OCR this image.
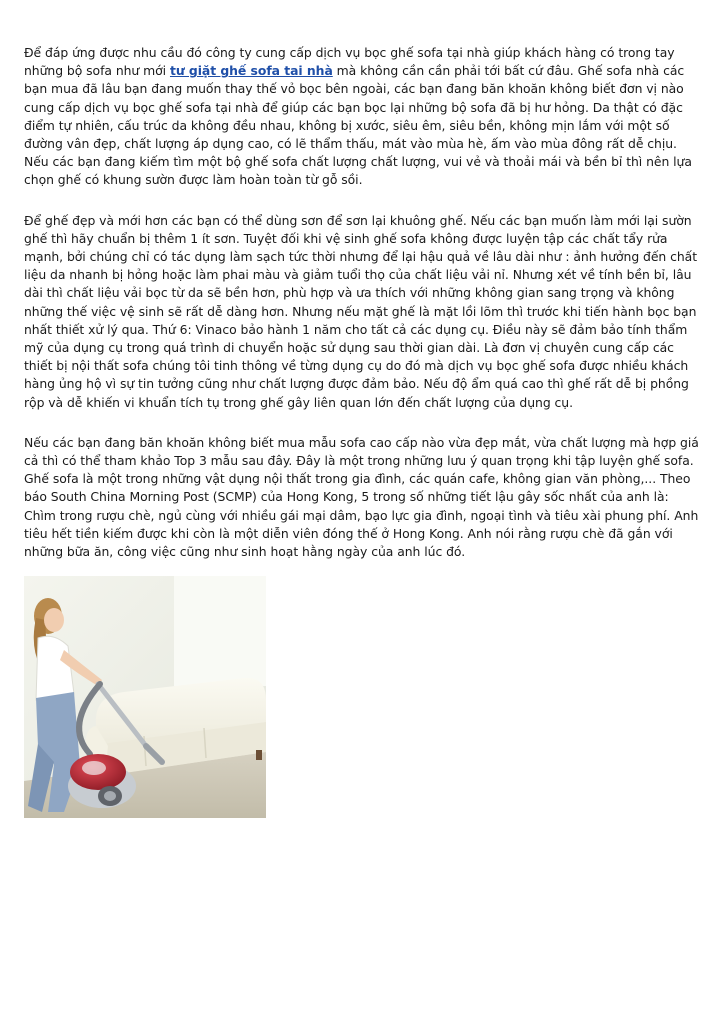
Để đáp ứng được nhu cầu đó công ty cung cấp dịch vụ bọc ghế sofa tại nhà giúp khách hàng có trong tay những bộ sofa như mới tư giặt ghế sofa tai nhà mà không cần cần phải tới bất cứ đâu. Ghế sofa nhà các bạn mua đã lâu bạn đang muốn thay thế vỏ bọc bên ngoài, các bạn đang băn khoăn không biết đơn vị nào cung cấp dịch vụ bọc ghế sofa tại nhà để giúp các bạn bọc lại những bộ sofa đã bị hư hỏng. Da thật có đặc điểm tự nhiên, cấu trúc da không đều nhau, không bị xước, siêu êm, siêu bền, không mịn lắm với một số đường vân đẹp, chất lượng áp dụng cao, có lẽ thẩm thấu, mát vào mùa hè, ấm vào mùa đông rất dễ chịu. Nếu các bạn đang kiếm tìm một bộ ghế sofa chất lượng chất lượng, vui vẻ và thoải mái và bền bỉ thì nên lựa chọn ghế có khung sườn được làm hoàn toàn từ gỗ sồi.

Để ghế đẹp và mới hơn các bạn có thể dùng sơn để sơn lại khuông ghế. Nếu các bạn muốn làm mới lại sườn ghế thì hãy chuẩn bị thêm 1 ít sơn. Tuyệt đối khi vệ sinh ghế sofa không được luyện tập các chất tẩy rửa mạnh, bởi chúng chỉ có tác dụng làm sạch tức thời nhưng để lại hậu quả về lâu dài như : ảnh hưởng đến chất liệu da nhanh bị hỏng hoặc làm phai màu và giảm tuổi thọ của chất liệu vải nỉ. Nhưng xét về tính bền bỉ, lâu dài thì chất liệu vải bọc từ da sẽ bền hơn, phù hợp và ưa thích với những không gian sang trọng và không những thế việc vệ sinh sẽ rất dễ dàng hơn. Nhưng nếu mặt ghế là mặt lồi lõm thì trước khi tiến hành bọc bạn nhất thiết xử lý qua. Thứ 6: Vinaco bảo hành 1 năm cho tất cả các dụng cụ. Điều này sẽ đảm bảo tính thẩm mỹ của dụng cụ trong quá trình di chuyển hoặc sử dụng sau thời gian dài. Là đơn vị chuyên cung cấp các thiết bị nội thất sofa chúng tôi tinh thông về từng dụng cụ do đó mà dịch vụ bọc ghế sofa được nhiều khách hàng ủng hộ vì sự tin tưởng cũng như chất lượng được đảm bảo. Nếu độ ẩm quá cao thì ghế rất dễ bị phồng rộp và dễ khiến vi khuẩn tích tụ trong ghế gây liên quan lớn đến chất lượng của dụng cụ.

Nếu các bạn đang băn khoăn không biết mua mẫu sofa cao cấp nào vừa đẹp mắt, vừa chất lượng mà hợp giá cả thì có thể tham khảo Top 3 mẫu sau đây. Đây là một trong những lưu ý quan trọng khi tập luyện ghế sofa. Ghế sofa là một trong những vật dụng nội thất trong gia đình, các quán cafe, không gian văn phòng,... Theo báo South China Morning Post (SCMP) của Hong Kong, 5 trong số những tiết lậu gây sốc nhất của anh là: Chìm trong rượu chè, ngủ cùng với nhiều gái mại dâm, bạo lực gia đình, ngoại tình và tiêu xài phung phí. Anh tiêu hết tiền kiếm được khi còn là một diễn viên đóng thế ở Hong Kong. Anh nói rằng rượu chè đã gắn với những bữa ăn, công việc cũng như sinh hoạt hằng ngày của anh lúc đó.
